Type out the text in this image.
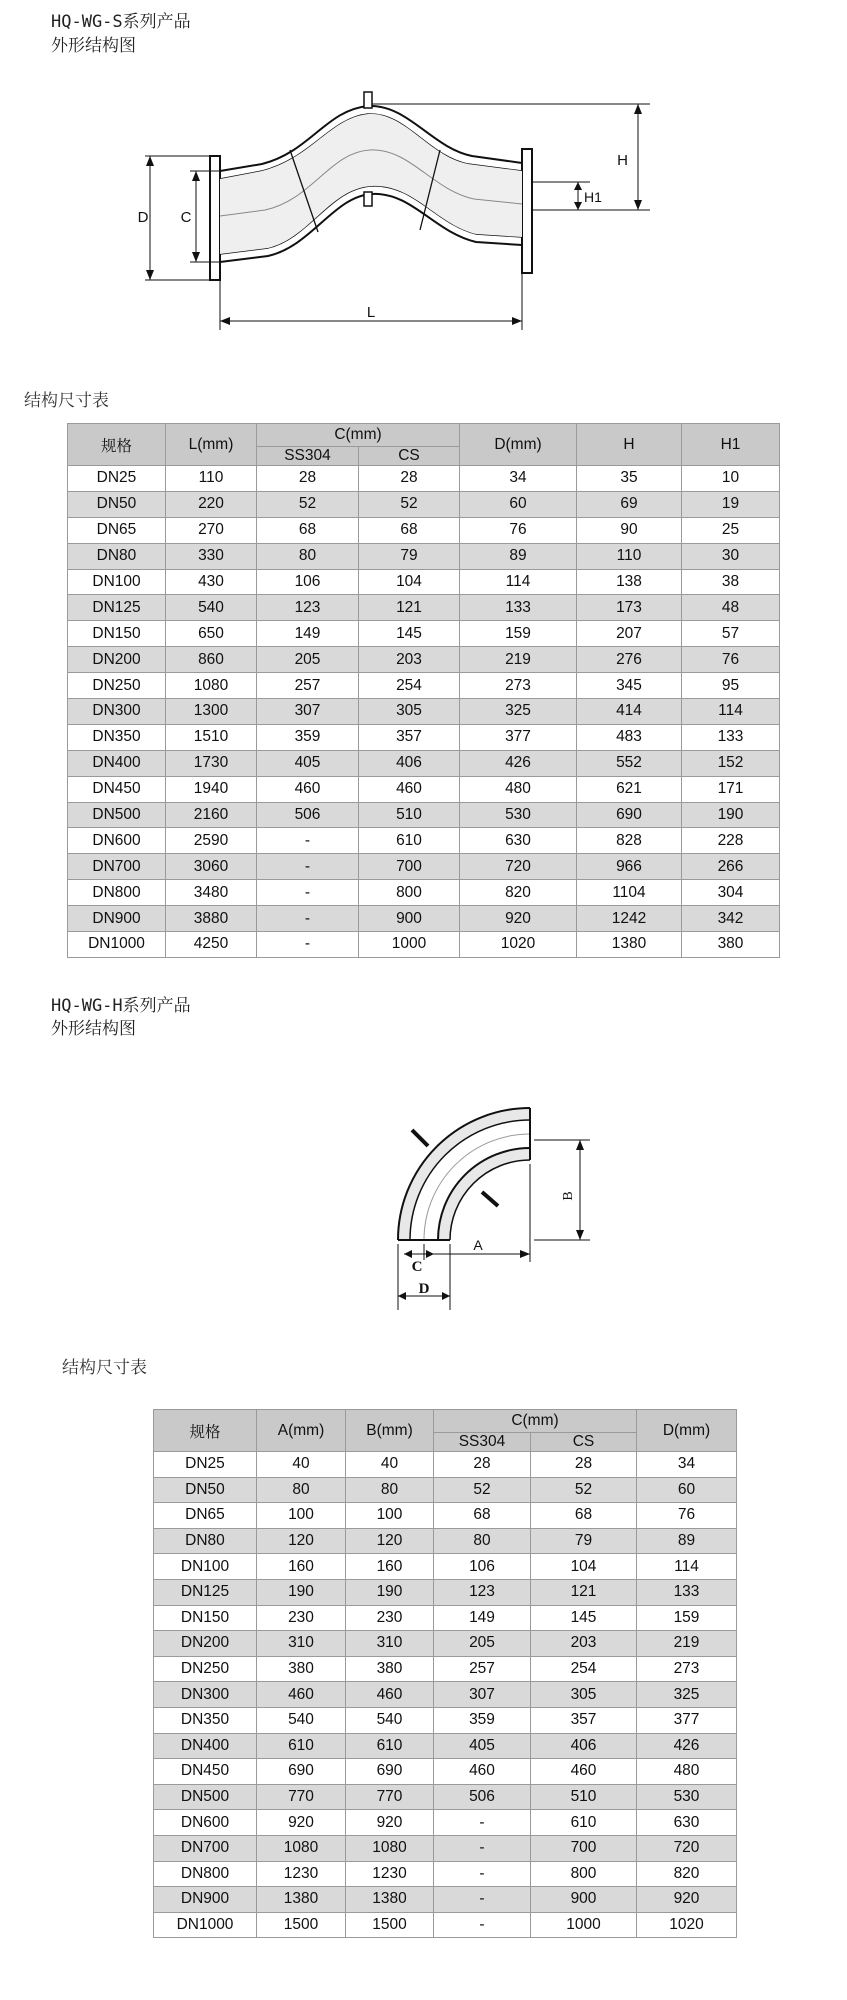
HQ-WG-S系列产品
外形结构图
D C
L
H
H1
结构尺寸表
规格	L(mm)	C(mm)		D(mm)	H	H1
		SS304	CS			
DN25	110	28	28	34	35	10
DN50	220	52	52	60	69	19
DN65	270	68	68	76	90	25
DN80	330	80	79	89	110	30
DN100	430	106	104	114	138	38
DN125	540	123	121	133	173	48
DN150	650	149	145	159	207	57
DN200	860	205	203	219	276	76
DN250	1080	257	254	273	345	95
DN300	1300	307	305	325	414	114
DN350	1510	359	357	377	483	133
DN400	1730	405	406	426	552	152
DN450	1940	460	460	480	621	171
DN500	2160	506	510	530	690	190
DN600	2590	-	610	630	828	228
DN700	3060	-	700	720	966	266
DN800	3480	-	800	820	1104	304
DN900	3880	-	900	920	1242	342
DN1000	4250	-	1000	1020	1380	380
HQ-WG-H系列产品
外形结构图
B
A
C
D
结构尺寸表
规格	A(mm)	B(mm)	C(mm)		D(mm)
			SS304	CS	
DN25	40	40	28	28	34
DN50	80	80	52	52	60
DN65	100	100	68	68	76
DN80	120	120	80	79	89
DN100	160	160	106	104	114
DN125	190	190	123	121	133
DN150	230	230	149	145	159
DN200	310	310	205	203	219
DN250	380	380	257	254	273
DN300	460	460	307	305	325
DN350	540	540	359	357	377
DN400	610	610	405	406	426
DN450	690	690	460	460	480
DN500	770	770	506	510	530
DN600	920	920	-	610	630
DN700	1080	1080	-	700	720
DN800	1230	1230	-	800	820
DN900	1380	1380	-	900	920
DN1000	1500	1500	-	1000	1020
